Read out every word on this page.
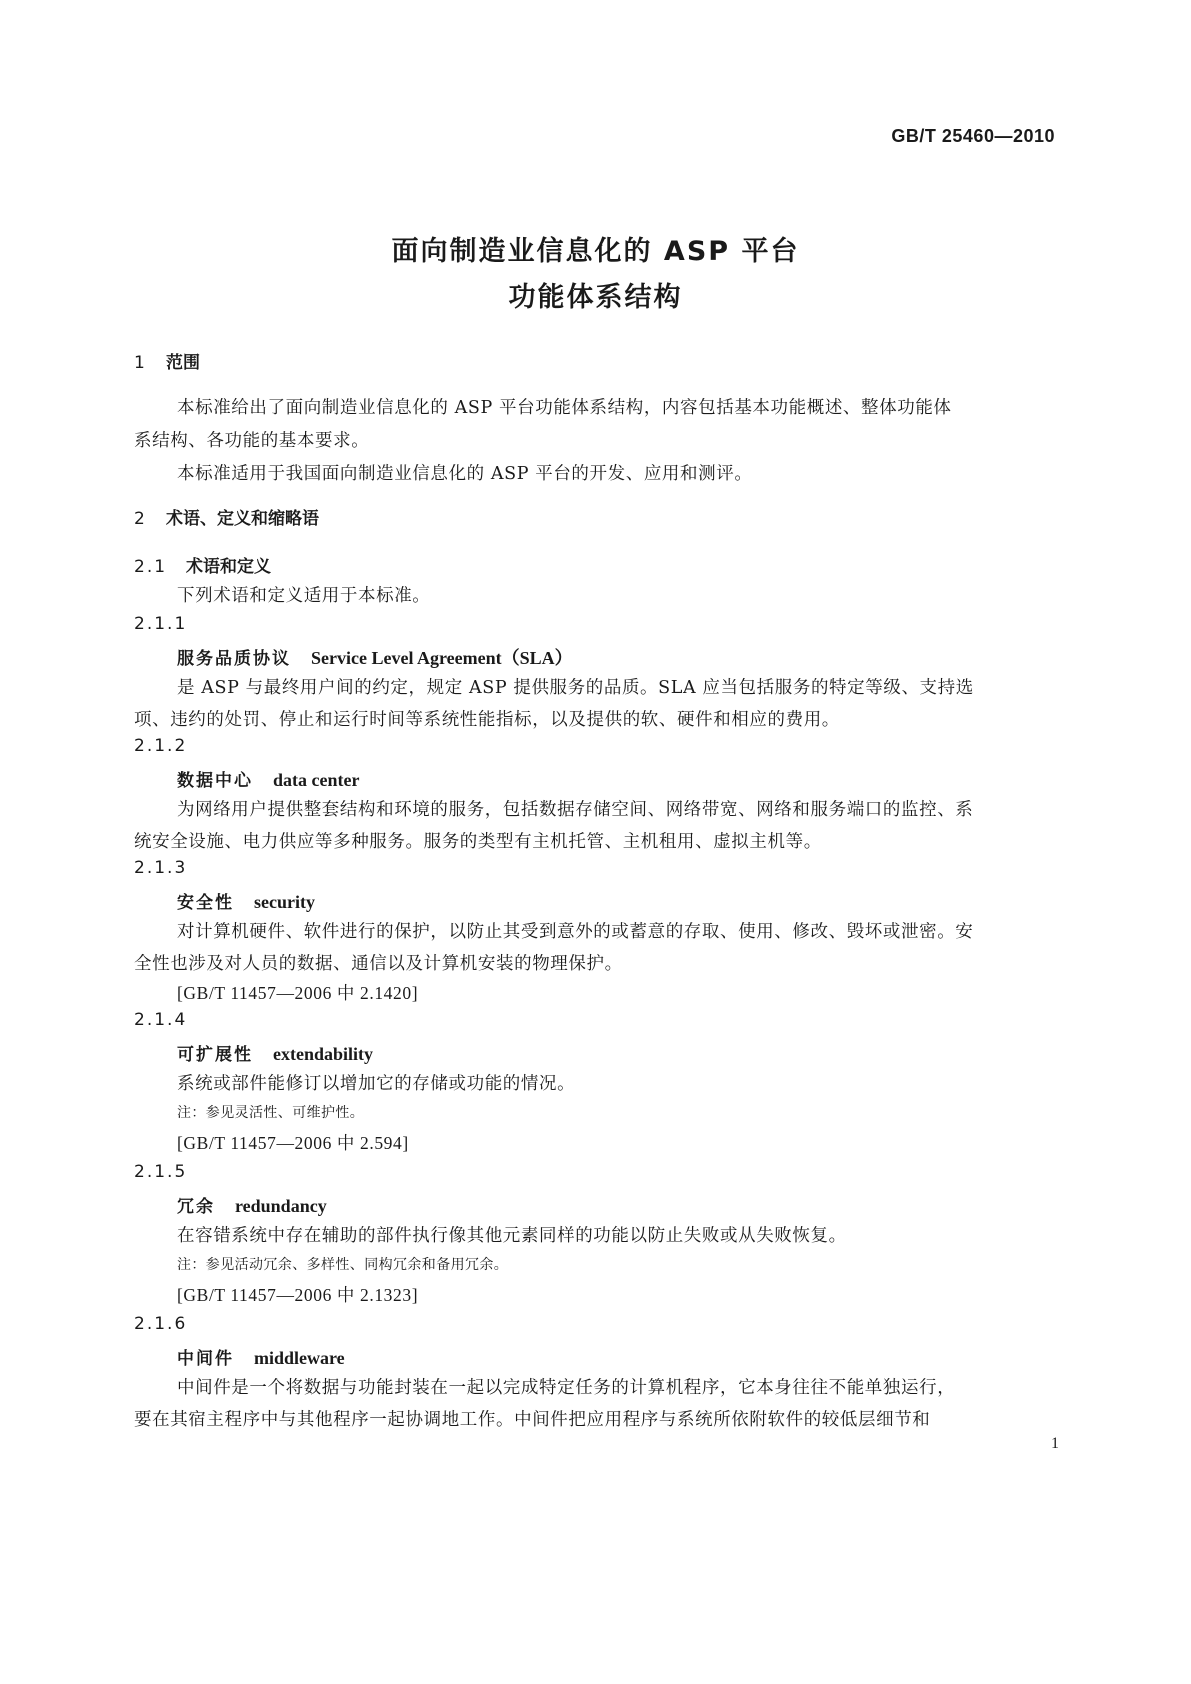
GB/T 25460—2010
面向制造业信息化的 ASP 平台
功能体系结构
1 范围
本标准给出了面向制造业信息化的 ASP 平台功能体系结构，内容包括基本功能概述、整体功能体
系结构、各功能的基本要求。
本标准适用于我国面向制造业信息化的 ASP 平台的开发、应用和测评。
2 术语、定义和缩略语
2.1 术语和定义
下列术语和定义适用于本标准。
2.1.1
服务品质协议 Service Level Agreement（SLA）
是 ASP 与最终用户间的约定，规定 ASP 提供服务的品质。SLA 应当包括服务的特定等级、支持选
项、违约的处罚、停止和运行时间等系统性能指标，以及提供的软、硬件和相应的费用。
2.1.2
数据中心 data center
为网络用户提供整套结构和环境的服务，包括数据存储空间、网络带宽、网络和服务端口的监控、系
统安全设施、电力供应等多种服务。服务的类型有主机托管、主机租用、虚拟主机等。
2.1.3
安全性 security
对计算机硬件、软件进行的保护，以防止其受到意外的或蓄意的存取、使用、修改、毁坏或泄密。安
全性也涉及对人员的数据、通信以及计算机安装的物理保护。
[GB/T 11457—2006 中 2.1420]
2.1.4
可扩展性 extendability
系统或部件能修订以增加它的存储或功能的情况。
注：参见灵活性、可维护性。
[GB/T 11457—2006 中 2.594]
2.1.5
冗余 redundancy
在容错系统中存在辅助的部件执行像其他元素同样的功能以防止失败或从失败恢复。
注：参见活动冗余、多样性、同构冗余和备用冗余。
[GB/T 11457—2006 中 2.1323]
2.1.6
中间件 middleware
中间件是一个将数据与功能封装在一起以完成特定任务的计算机程序，它本身往往不能单独运行，
要在其宿主程序中与其他程序一起协调地工作。中间件把应用程序与系统所依附软件的较低层细节和
1
